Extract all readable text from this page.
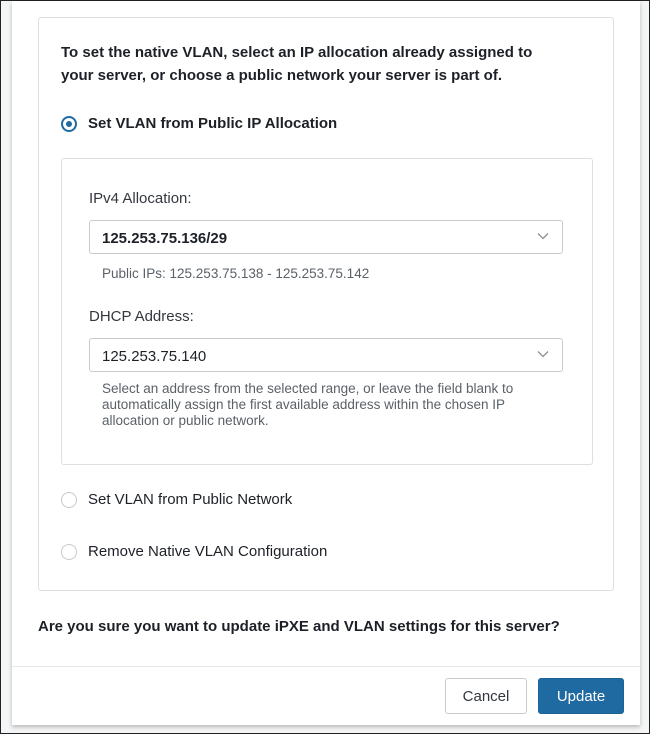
To set the native VLAN, select an IP allocation already assigned to your server, or choose a public network your server is part of.
Set VLAN from Public IP Allocation
IPv4 Allocation:
125.253.75.136/29
Public IPs: 125.253.75.138 - 125.253.75.142
DHCP Address:
125.253.75.140
Select an address from the selected range, or leave the field blank to automatically assign the first available address within the chosen IP allocation or public network.
Set VLAN from Public Network
Remove Native VLAN Configuration
Are you sure you want to update iPXE and VLAN settings for this server?
Cancel	Update
